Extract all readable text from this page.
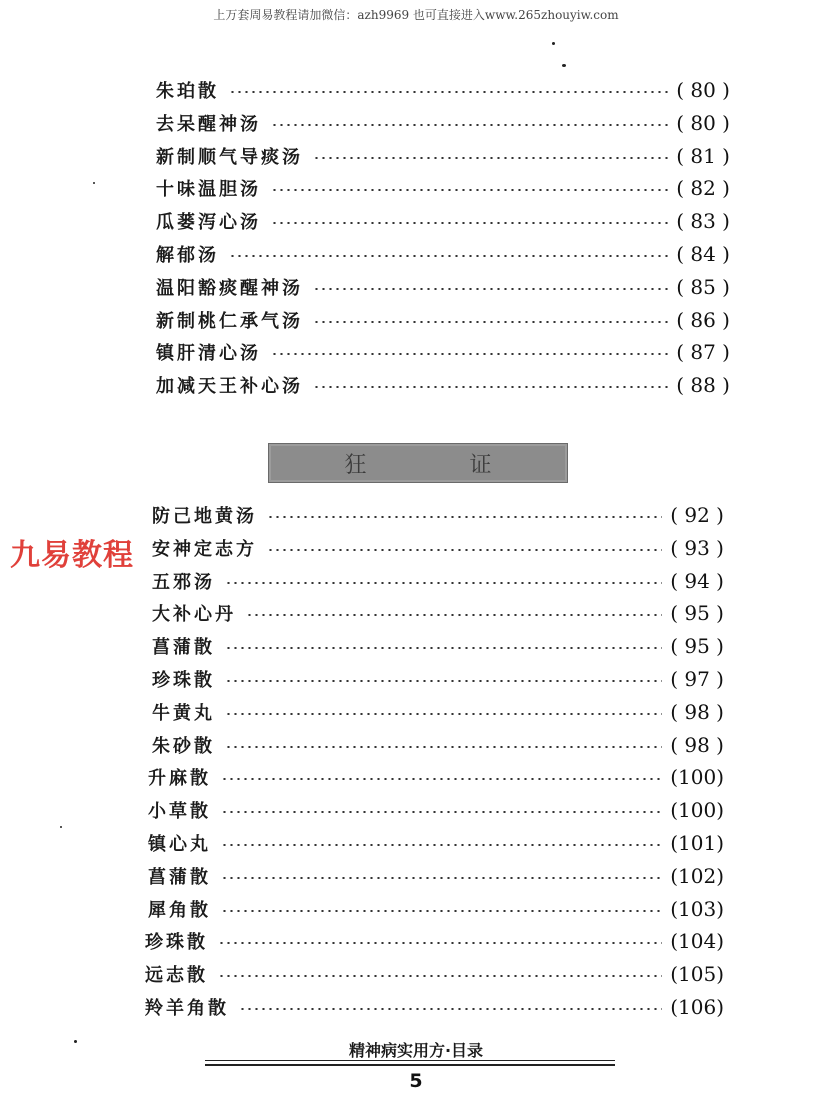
上万套周易教程请加微信：azh9969 也可直接进入www.265zhouyiw.com
朱珀散	( 80 )
去呆醒神汤	( 80 )
新制顺气导痰汤	( 81 )
十味温胆汤	( 82 )
瓜蒌泻心汤	( 83 )
解郁汤	( 84 )
温阳豁痰醒神汤	( 85 )
新制桃仁承气汤	( 86 )
镇肝清心汤	( 87 )
加减天王补心汤	( 88 )
狂 证
防己地黄汤	( 92 )
安神定志方	( 93 )
五邪汤	( 94 )
大补心丹	( 95 )
菖蒲散	( 95 )
珍珠散	( 97 )
牛黄丸	( 98 )
朱砂散	( 98 )
升麻散	(100)
小草散	(100)
镇心丸	(101)
菖蒲散	(102)
犀角散	(103)
珍珠散	(104)
远志散	(105)
羚羊角散	(106)
九易教程
精神病实用方·目录
5
